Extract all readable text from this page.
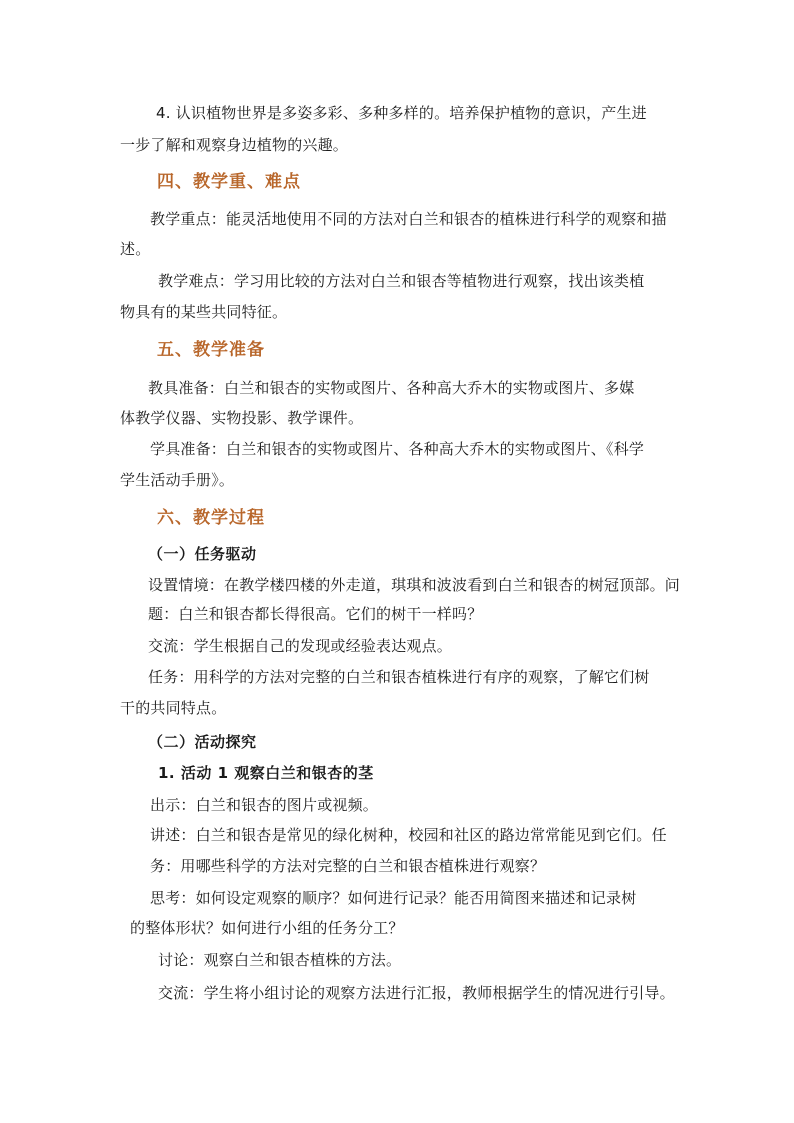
4. 认识植物世界是多姿多彩、多种多样的。培养保护植物的意识，产生进

一步了解和观察身边植物的兴趣。

四、教学重、难点

教学重点：能灵活地使用不同的方法对白兰和银杏的植株进行科学的观察和描

述。

教学难点：学习用比较的方法对白兰和银杏等植物进行观察，找出该类植

物具有的某些共同特征。

五、教学准备

教具准备：白兰和银杏的实物或图片、各种高大乔木的实物或图片、多媒

体教学仪器、实物投影、教学课件。

学具准备：白兰和银杏的实物或图片、各种高大乔木的实物或图片、《科学

学生活动手册》。

六、教学过程

（一）任务驱动

设置情境：在教学楼四楼的外走道，琪琪和波波看到白兰和银杏的树冠顶部。问

题：白兰和银杏都长得很高。它们的树干一样吗？

交流：学生根据自己的发现或经验表达观点。

任务：用科学的方法对完整的白兰和银杏植株进行有序的观察，了解它们树

干的共同特点。

（二）活动探究

1. 活动 1 观察白兰和银杏的茎

出示：白兰和银杏的图片或视频。

讲述：白兰和银杏是常见的绿化树种，校园和社区的路边常常能见到它们。任

务：用哪些科学的方法对完整的白兰和银杏植株进行观察？

思考：如何设定观察的顺序？如何进行记录？能否用简图来描述和记录树

的整体形状？如何进行小组的任务分工？

讨论：观察白兰和银杏植株的方法。

交流：学生将小组讨论的观察方法进行汇报，教师根据学生的情况进行引导。
